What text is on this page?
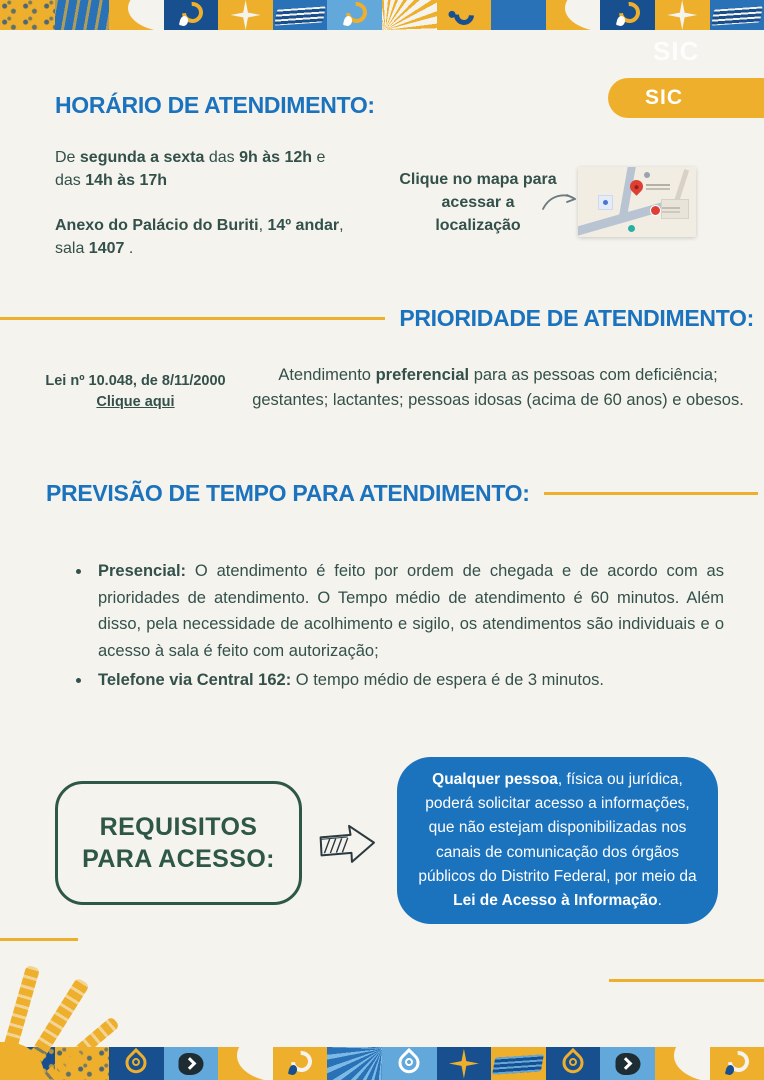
SIC
SIC
HORÁRIO DE ATENDIMENTO:

De segunda a sexta das 9h às 12h e

das 14h às 17h

Anexo do Palácio do Buriti, 14º andar,

sala 1407 .

Clique no mapa para acessar a localização
PRIORIDADE DE ATENDIMENTO:
Lei nº 10.048, de 8/11/2000
Clique aqui
Atendimento preferencial para as pessoas com deficiência; gestantes; lactantes; pessoas idosas (acima de 60 anos) e obesos.
PREVISÃO DE TEMPO PARA ATENDIMENTO:
• Presencial: O atendimento é feito por ordem de chegada e de acordo com as prioridades de atendimento. O Tempo médio de atendimento é 60 minutos. Além disso, pela necessidade de acolhimento e sigilo, os atendimentos são individuais e o acesso à sala é feito com autorização;
• Telefone via Central 162: O tempo médio de espera é de 3 minutos.
REQUISITOS PARA ACESSO:
Qualquer pessoa, física ou jurídica, poderá solicitar acesso a informações, que não estejam disponibilizadas nos canais de comunicação dos órgãos públicos do Distrito Federal, por meio da Lei de Acesso à Informação.
